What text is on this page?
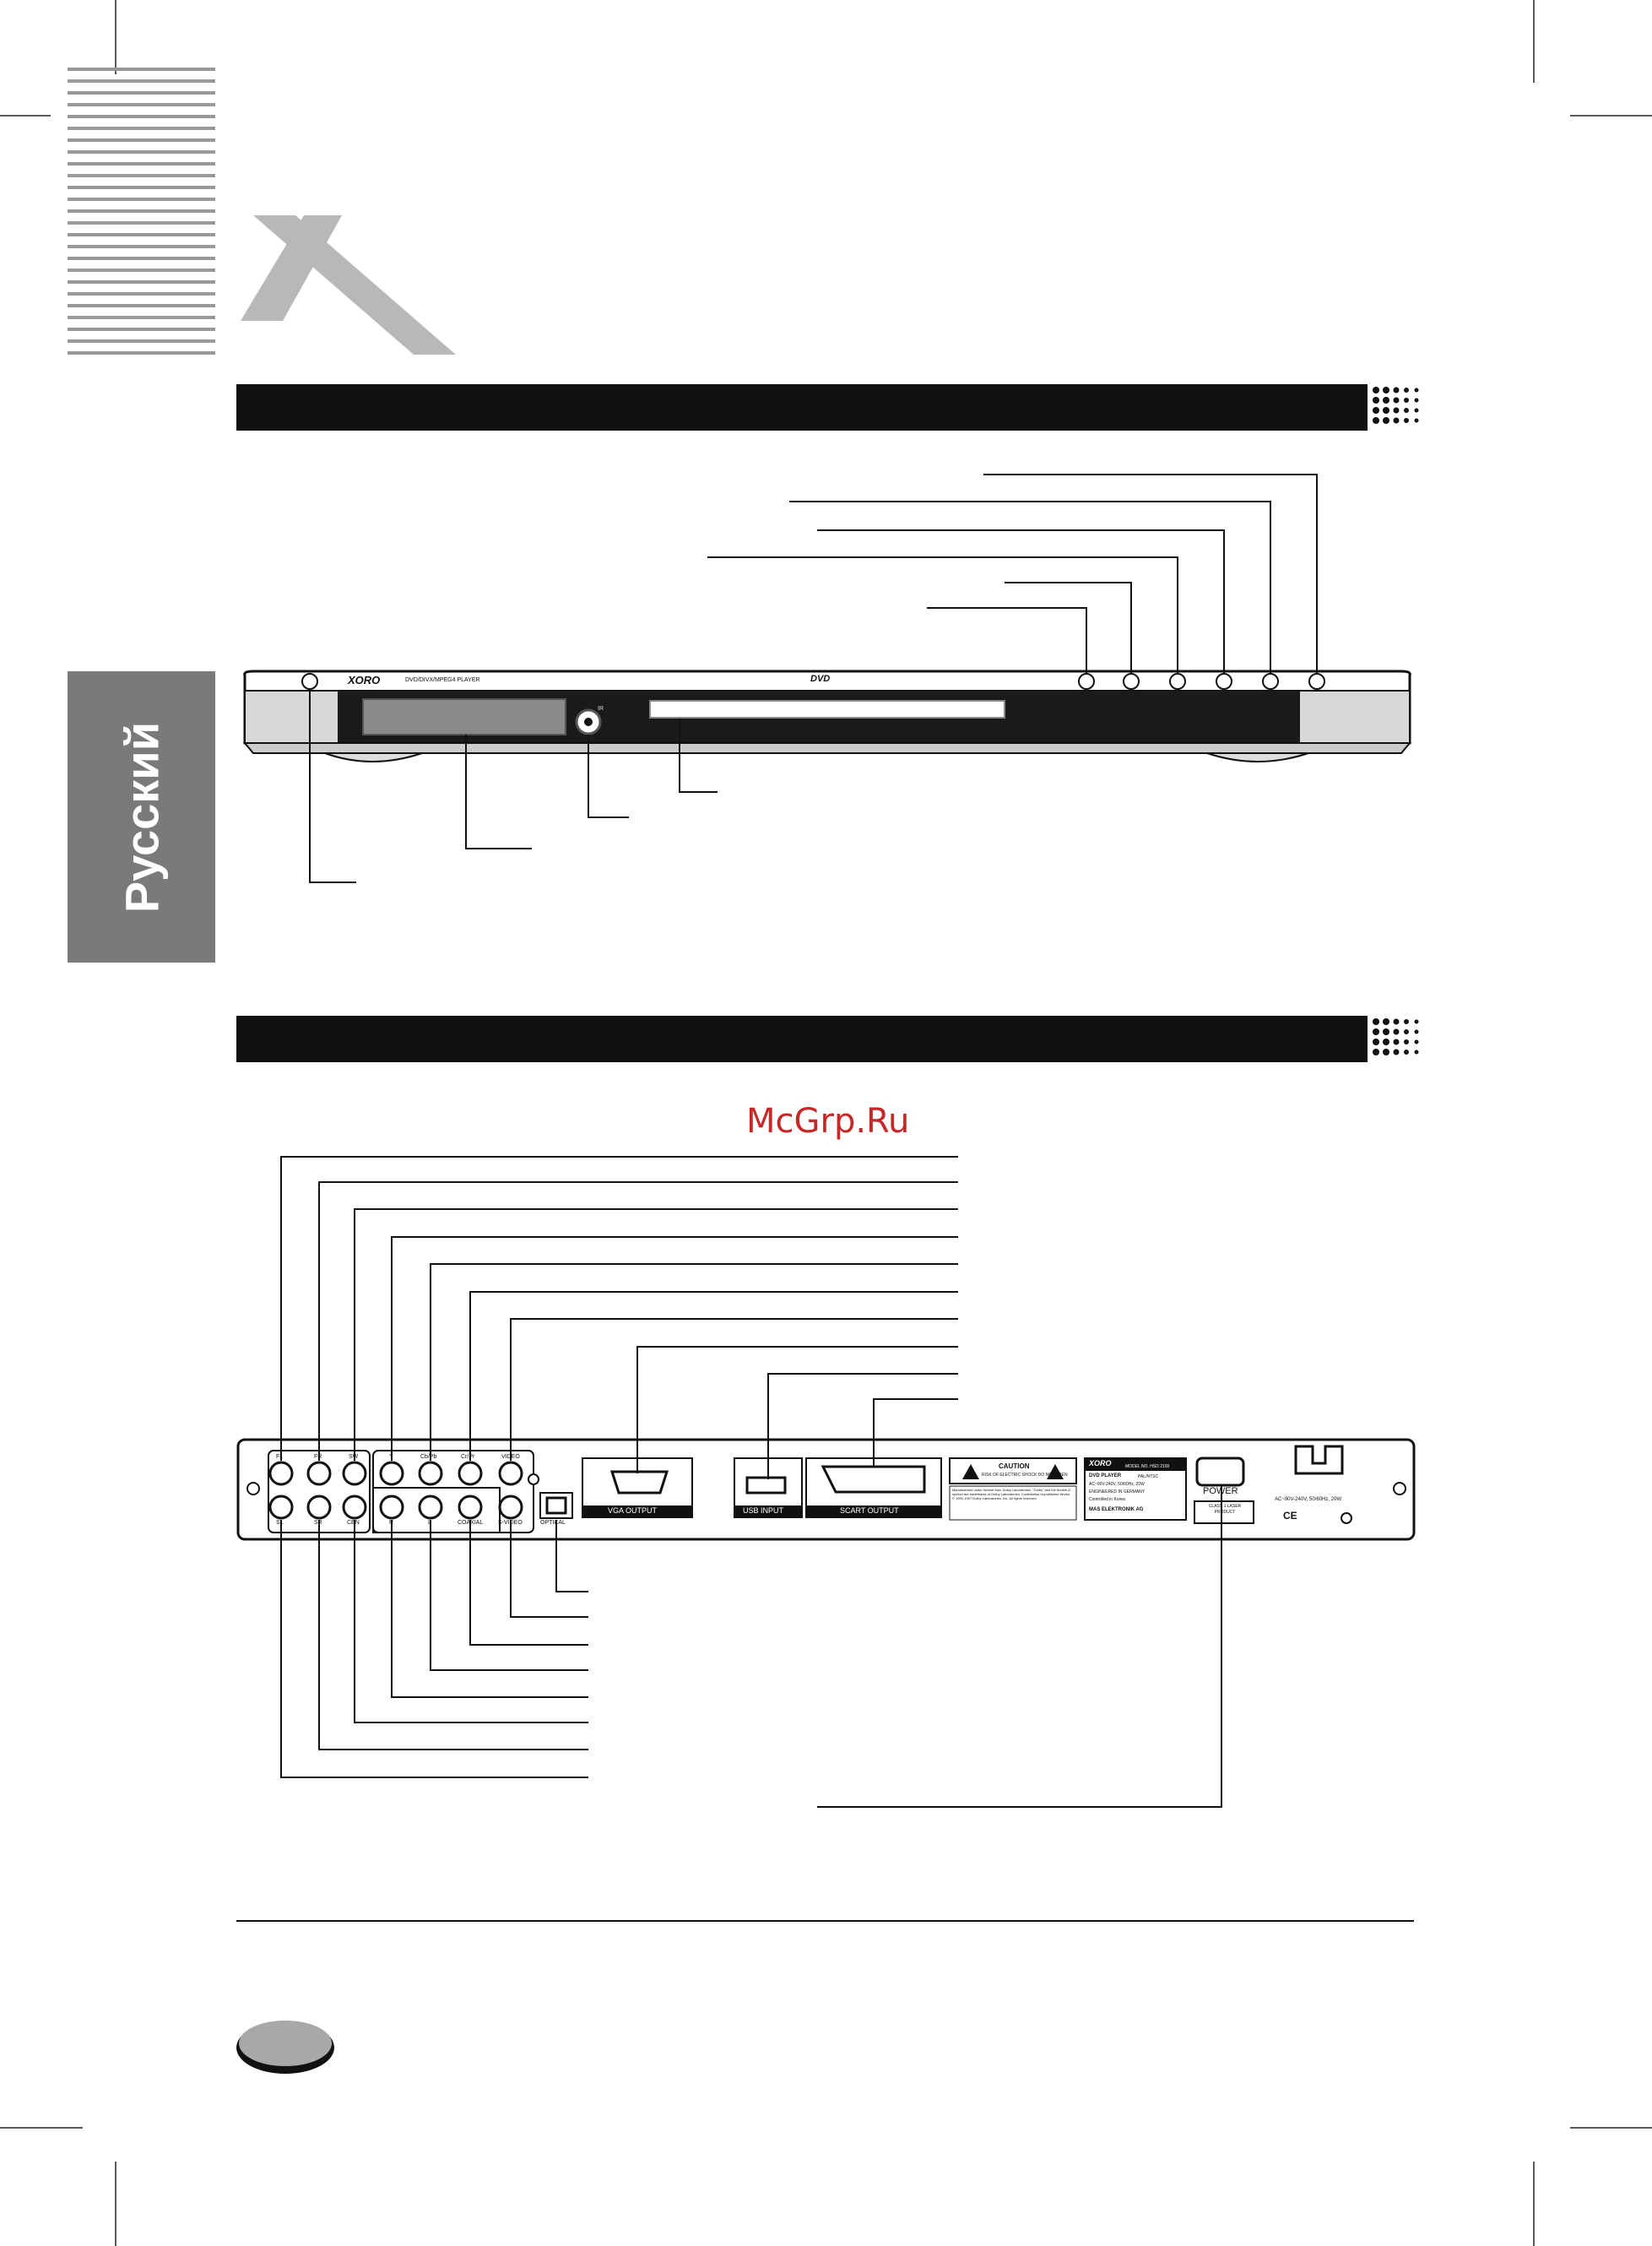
Русский
McGrp.Ru
XORO	DVD/DIVX/MPEG4 PLAYER	DVD
IR
FL	FR	SW	Y	Cb/Pb	Cr/Pr	VIDEO
SL	SR	CEN	R	L	COAXIAL	S-VIDEO	OPTICAL
VGA OUTPUT	USB INPUT	SCART OUTPUT
CAUTION
RISK OF ELECTRIC SHOCK DO NOT OPEN
Manufactured under license from Dolby Laboratories. "Dolby" and the double-D symbol are trademarks of Dolby Laboratories. Confidential Unpublished Works. © 1992-1997 Dolby Laboratories, Inc. All rights reserved.
XORO	MODEL NO. HSD 2100
DVD PLAYER	PAL/NTSC
AC~90V-240V, 50/60Hz, 20W
ENGINEERED IN GERMANY
Controlled in Korea
MAS ELEKTRONIK AG
POWER
CLASS 1 LASER PRODUCT
AC~90V-240V, 50/60Hz, 20W
CE
